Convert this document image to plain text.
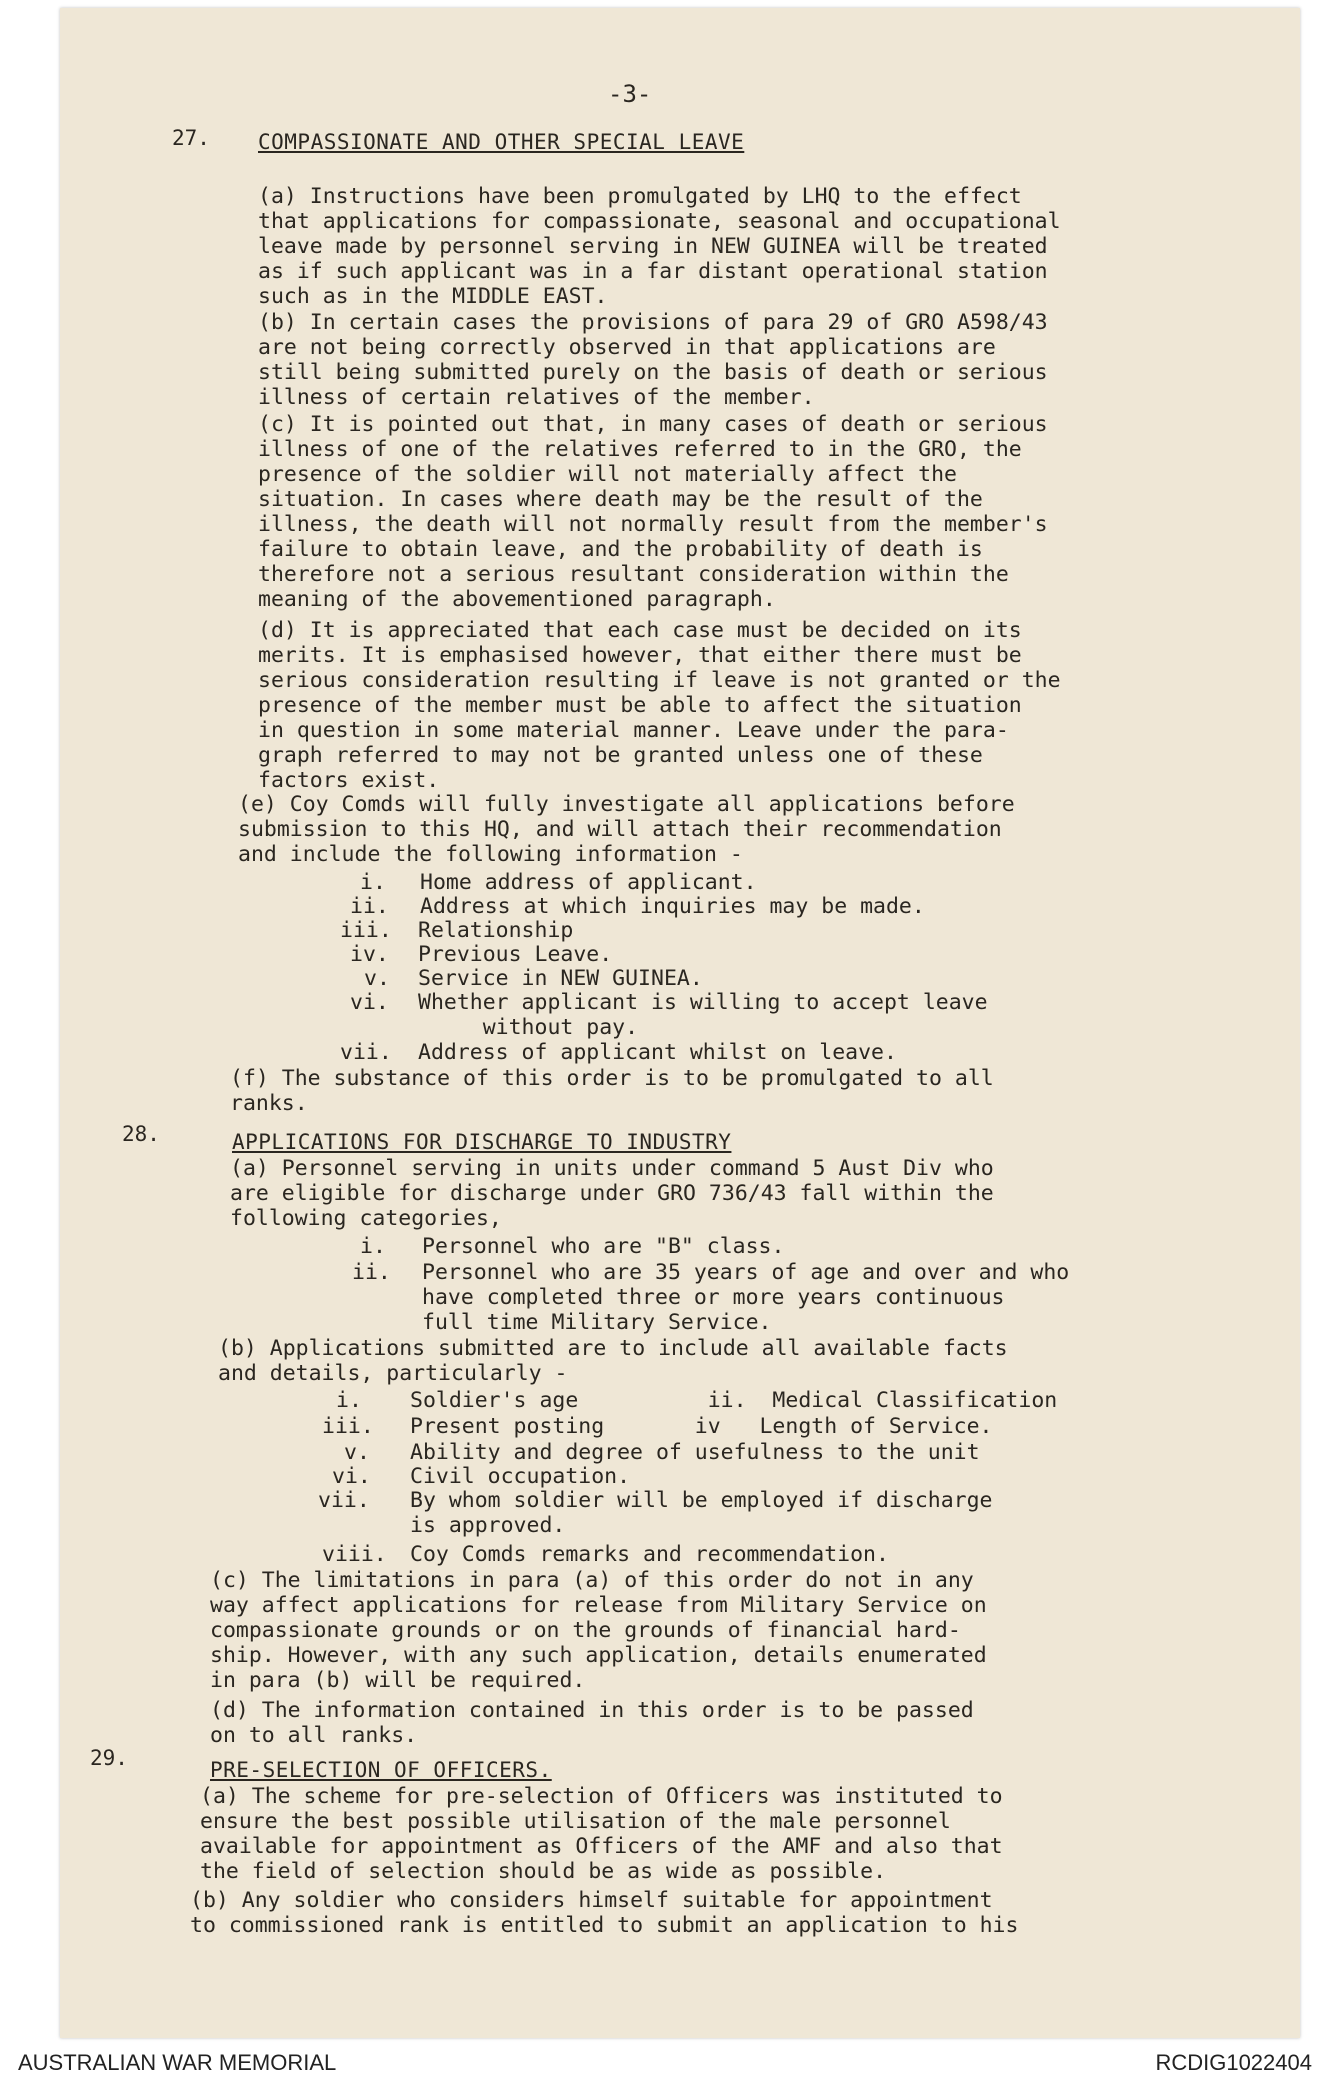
-3-
27. COMPASSIONATE AND OTHER SPECIAL LEAVE
(a) Instructions have been promulgated by LHQ to the effect
that applications for compassionate, seasonal and occupational
leave made by personnel serving in NEW GUINEA will be treated
as if such applicant was in a far distant operational station
such as in the MIDDLE EAST.
(b) In certain cases the provisions of para 29 of GRO A598/43
are not being correctly observed in that applications are
still being submitted purely on the basis of death or serious
illness of certain relatives of the member.
(c) It is pointed out that, in many cases of death or serious
illness of one of the relatives referred to in the GRO, the
presence of the soldier will not materially affect the
situation. In cases where death may be the result of the
illness, the death will not normally result from the member's
failure to obtain leave, and the probability of death is
therefore not a serious resultant consideration within the
meaning of the abovementioned paragraph.
(d) It is appreciated that each case must be decided on its
merits. It is emphasised however, that either there must be
serious consideration resulting if leave is not granted or the
presence of the member must be able to affect the situation
in question in some material manner. Leave under the para-
graph referred to may not be granted unless one of these
factors exist.
(e) Coy Comds will fully investigate all applications before
submission to this HQ, and will attach their recommendation
and include the following information -
i. Home address of applicant.
ii. Address at which inquiries may be made.
iii. Relationship
iv. Previous Leave.
v. Service in NEW GUINEA.
vi. Whether applicant is willing to accept leave
without pay.
vii. Address of applicant whilst on leave.
(f) The substance of this order is to be promulgated to all
ranks.
28.	APPLICATIONS FOR DISCHARGE TO INDUSTRY
(a) Personnel serving in units under command 5 Aust Div who
are eligible for discharge under GRO 736/43 fall within the
following categories,
i. Personnel who are "B" class.
ii. Personnel who are 35 years of age and over and who
have completed three or more years continuous
full time Military Service.
(b) Applications submitted are to include all available facts
and details, particularly -
i. Soldier's age          ii.  Medical Classification
iii. Present posting       iv   Length of Service.
v. Ability and degree of usefulness to the unit
vi. Civil occupation.
vii. By whom soldier will be employed if discharge
is approved.
viii. Coy Comds remarks and recommendation.
(c) The limitations in para (a) of this order do not in any
way affect applications for release from Military Service on
compassionate grounds or on the grounds of financial hard-
ship. However, with any such application, details enumerated
in para (b) will be required.
(d) The information contained in this order is to be passed
on to all ranks.
29.	PRE-SELECTION OF OFFICERS.
(a) The scheme for pre-selection of Officers was instituted to
ensure the best possible utilisation of the male personnel
available for appointment as Officers of the AMF and also that
the field of selection should be as wide as possible.
(b) Any soldier who considers himself suitable for appointment
to commissioned rank is entitled to submit an application to his
AUSTRALIAN WAR MEMORIAL	RCDIG1022404
